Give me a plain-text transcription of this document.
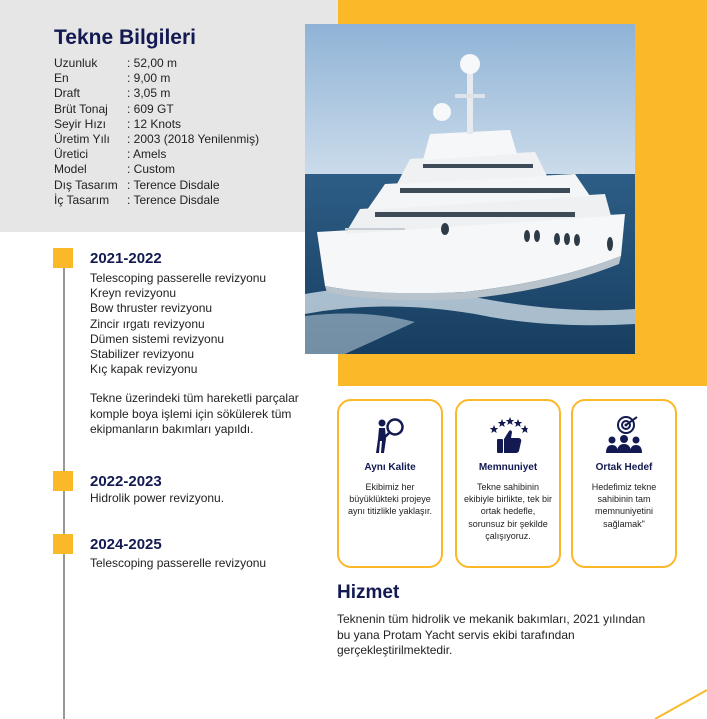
Tekne Bilgileri
Uzunluk	: 52,00 m
En	: 9,00 m
Draft	: 3,05 m
Brüt Tonaj	: 609 GT
Seyir Hızı	: 12 Knots
Üretim Yılı	: 2003 (2018 Yenilenmiş)
Üretici	: Amels
Model	: Custom
Dış Tasarım : Terence Disdale
İç Tasarım	: Terence Disdale
2021-2022
Telescoping passerelle revizyonu
Kreyn revizyonu
Bow thruster revizyonu
Zincir ırgatı revizyonu
Dümen sistemi revizyonu
Stabilizer revizyonu
Kıç kapak revizyonu
Tekne üzerindeki tüm hareketli parçalar komple boya işlemi için sökülerek tüm ekipmanların bakımları yapıldı.
2022-2023
Hidrolik power revizyonu.
2024-2025
Telescoping passerelle revizyonu
Aynı Kalite
Ekibimiz her büyüklükteki projeye aynı titizlikle yaklaşır.
Memnuniyet
Tekne sahibinin ekibiyle birlikte, tek bir ortak hedefle, sorunsuz bir şekilde çalışıyoruz.
Ortak Hedef
Hedefimiz tekne sahibinin tam memnuniyetini sağlamak"
Hizmet
Teknenin tüm hidrolik ve mekanik bakımları, 2021 yılından bu yana Protam Yacht servis ekibi tarafından gerçekleştirilmektedir.
